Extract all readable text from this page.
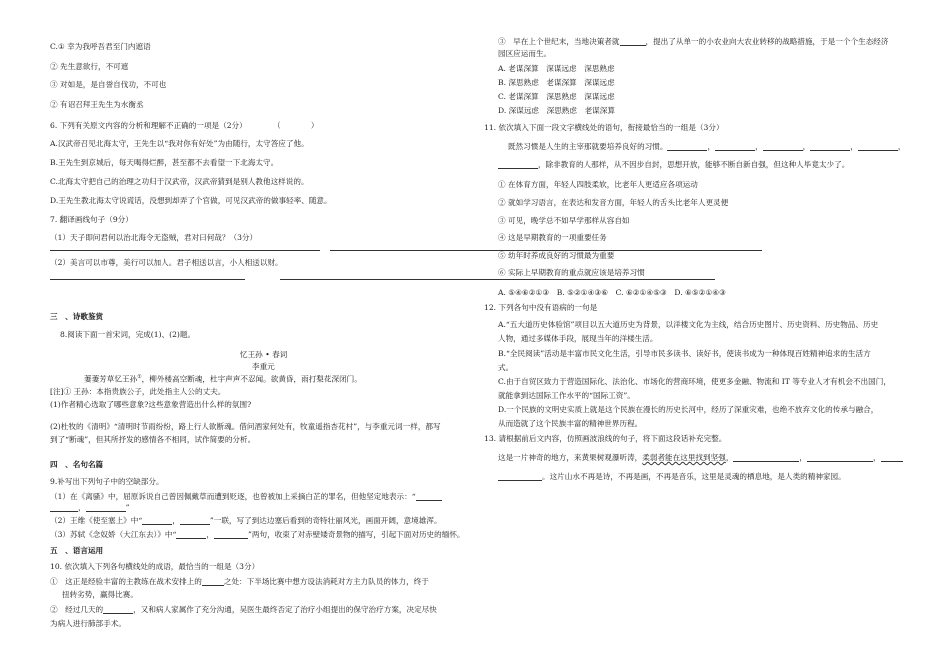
C.① 幸为我呼吾君至门内遮语
② 先生意欲行，不可遮
③ 对如是，是自誉自伐功，不可也
② 有诏召拜王先生为水衡丞
6. 下列有关原文内容的分析和理解不正确的一项是（2分）	（　　　　）
A.汉武帝召见北海太守，王先生以“我对你有好处”为由随行，太守答应了他。
B.王先生到京城后，每天喝得烂醉，甚至都不去看望一下北海太守。
C.北海太守把自己的治理之功归于汉武帝，汉武帝猜到是别人教他这样说的。
D.王先生教北海太守说谎话，没想到却弄了个官做，可见汉武帝的做事轻率、随意。
7. 翻译画线句子（9分）
（1）天子即问君何以治北海令无盗贼，君对曰何哉？（3分）
（2）美言可以市尊，美行可以加人。君子相送以言，小人相送以财。
三　、诗歌鉴赏
8.阅读下面一首宋词，完成(1)、(2)题。
忆王孙 • 春词
李重元
萋萋芳草忆王孙①，柳外楼高空断魂，杜宇声声不忍闻。欲黄昏，雨打梨花深闭门。
[注]① 王孙：本指贵族公子，此处指主人公的丈夫。
(1)作者精心选取了哪些意象?这些意象营造出什么样的氛围?
(2)杜牧的《清明》“清明时节雨纷纷，路上行人欲断魂。借问酒家何处有，牧童遥指杏花村”，与李重元词一样，都写
到了“断魂”，但其所抒发的感情各不相同，试作简要的分析。
四　、名句名篇
9.补写出下列句子中的空缺部分。
（1）在《离骚》中，屈原诉说自己曾因佩戴草而遭到贬逐，也曾被加上采摘白芷的罪名，但他坚定地表示：“
，	”
（2）王维《使至塞上》中“	，	”一联，写了到达边塞后看到的奇特壮丽风光，画面开阔，意境雄浑。
（3）苏轼《念奴娇（大江东去）》中“	，	”两句，收束了对赤壁矮奇景物的描写，引起下面对历史的缅怀。
五　、语言运用
10. 依次填入下列各句横线处的成语，最恰当的一组是（3分）
①　这正是经验丰富的主教练在战术安排上的	之处：下半场比赛中想方设法消耗对方主力队员的体力，终于
扭转劣势，赢得比赛。
②　经过几天的	，又和病人家属作了充分沟通，吴医生最终否定了治疗小组提出的保守治疗方案，决定尽快
为病人进行肺部手术。
③　早在上个世纪末，当地决策者就	，提出了从单一的小农业向大农业转移的战略措施，于是一个个生态经济
园区应运而生。
A. 老谋深算　深谋远虑　深思熟虑
B. 深思熟虑　老谋深算　深谋远虑
C. 老谋深算　深思熟虑　深谋远虑
D. 深谋远虑　深思熟虑　老谋深算
11. 依次填入下面一段文字横线处的语句，衔接最恰当的一组是（3分）
既然习惯是人生的主宰那就要培养良好的习惯。	，	，	，	，	，
，除非教育的人那样，从不因步自封，思想开放，能够不断自新自强，但这种人毕竟太少了。
① 在体育方面，年轻人四肢柔软，比老年人更适应各项运动
② 就如学习语言，在表达和发音方面，年轻人的舌头比老年人更灵便
③ 可见，晚学总不如早学那样从容自如
④ 这是早期教育的一项重要任务
⑤ 幼年时养成良好的习惯最为重要
⑥ 实际上早期教育的重点就应该是培养习惯
A. ⑤④⑥②①③　B. ⑤②①④③⑥　C. ⑥②①④⑤③　D. ⑥⑤②①④③
12. 下列各句中没有语病的一句是
A.“五大道历史体验馆”项目以五大道历史为背景，以洋楼文化为主线，结合历史图片、历史资料、历史物品、历史
人物，通过多媒体手段，展现当年的洋楼生活。
B.“全民阅读”活动是丰富市民文化生活，引导市民多读书、读好书，使读书成为一种体现百姓精神追求的生活方
式。
C.由于自贸区致力于营造国际化、法治化、市场化的营商环境，使更多金融、物流和 IT 等专业人才有机会不出国门，
就能拿到达国际工作水平的“国际工资”。
D.一个民族的文明史实质上就是这个民族在漫长的历史长河中，经历了深重灾难，也绝不放弃文化的传承与融合，
从而造就了这个民族丰富的精神世界历程。
13. 请根据前后文内容，仿照画波浪线的句子，将下面这段话补充完整。
这是一片神奇的地方，来黄果树观瀑听涛，柔弱者能在这里找到坚强，	，	，
。这片山水不再是诗，不再是画，不再是音乐，这里是灵魂的栖息地，是人类的精神家园。
